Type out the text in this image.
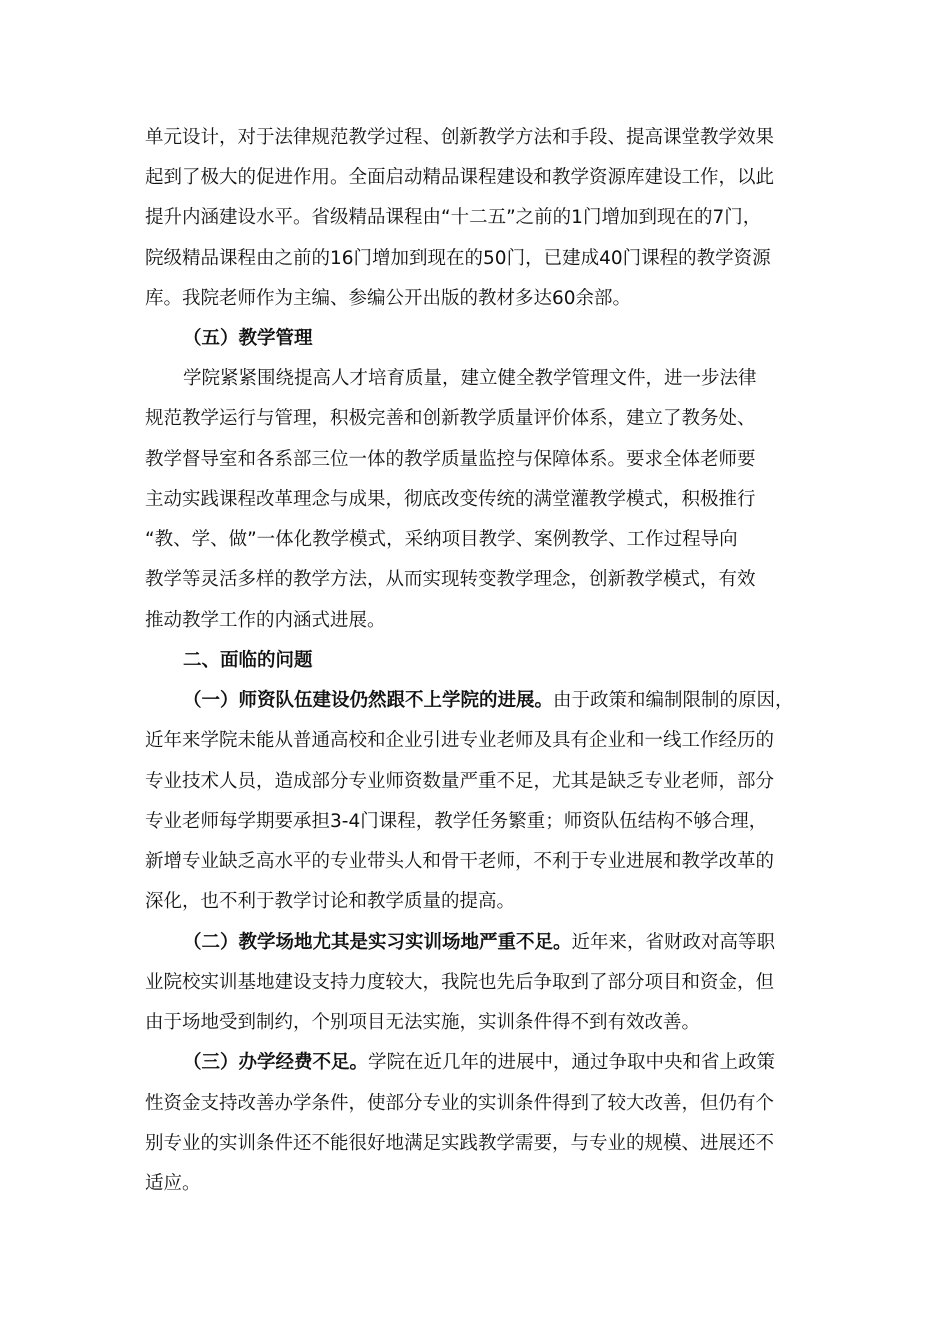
单元设计，对于法律规范教学过程、创新教学方法和手段、提高课堂教学效果
起到了极大的促进作用。全面启动精品课程建设和教学资源库建设工作，以此
提升内涵建设水平。省级精品课程由“十二五”之前的1门增加到现在的7门，
院级精品课程由之前的16门增加到现在的50门，已建成40门课程的教学资源
库。我院老师作为主编、参编公开出版的教材多达60余部。
（五）教学管理
学院紧紧围绕提高人才培育质量，建立健全教学管理文件，进一步法律
规范教学运行与管理，积极完善和创新教学质量评价体系，建立了教务处、
教学督导室和各系部三位一体的教学质量监控与保障体系。要求全体老师要
主动实践课程改革理念与成果，彻底改变传统的满堂灌教学模式，积极推行
“教、学、做”一体化教学模式，采纳项目教学、案例教学、工作过程导向
教学等灵活多样的教学方法，从而实现转变教学理念，创新教学模式，有效
推动教学工作的内涵式进展。
二、面临的问题
（一）师资队伍建设仍然跟不上学院的进展。由于政策和编制限制的原因，
近年来学院未能从普通高校和企业引进专业老师及具有企业和一线工作经历的
专业技术人员，造成部分专业师资数量严重不足，尤其是缺乏专业老师，部分
专业老师每学期要承担3-4门课程，教学任务繁重；师资队伍结构不够合理，
新增专业缺乏高水平的专业带头人和骨干老师，不利于专业进展和教学改革的
深化，也不利于教学讨论和教学质量的提高。
（二）教学场地尤其是实习实训场地严重不足。近年来，省财政对高等职
业院校实训基地建设支持力度较大，我院也先后争取到了部分项目和资金，但
由于场地受到制约，个别项目无法实施，实训条件得不到有效改善。
（三）办学经费不足。学院在近几年的进展中，通过争取中央和省上政策
性资金支持改善办学条件，使部分专业的实训条件得到了较大改善，但仍有个
别专业的实训条件还不能很好地满足实践教学需要，与专业的规模、进展还不
适应。
